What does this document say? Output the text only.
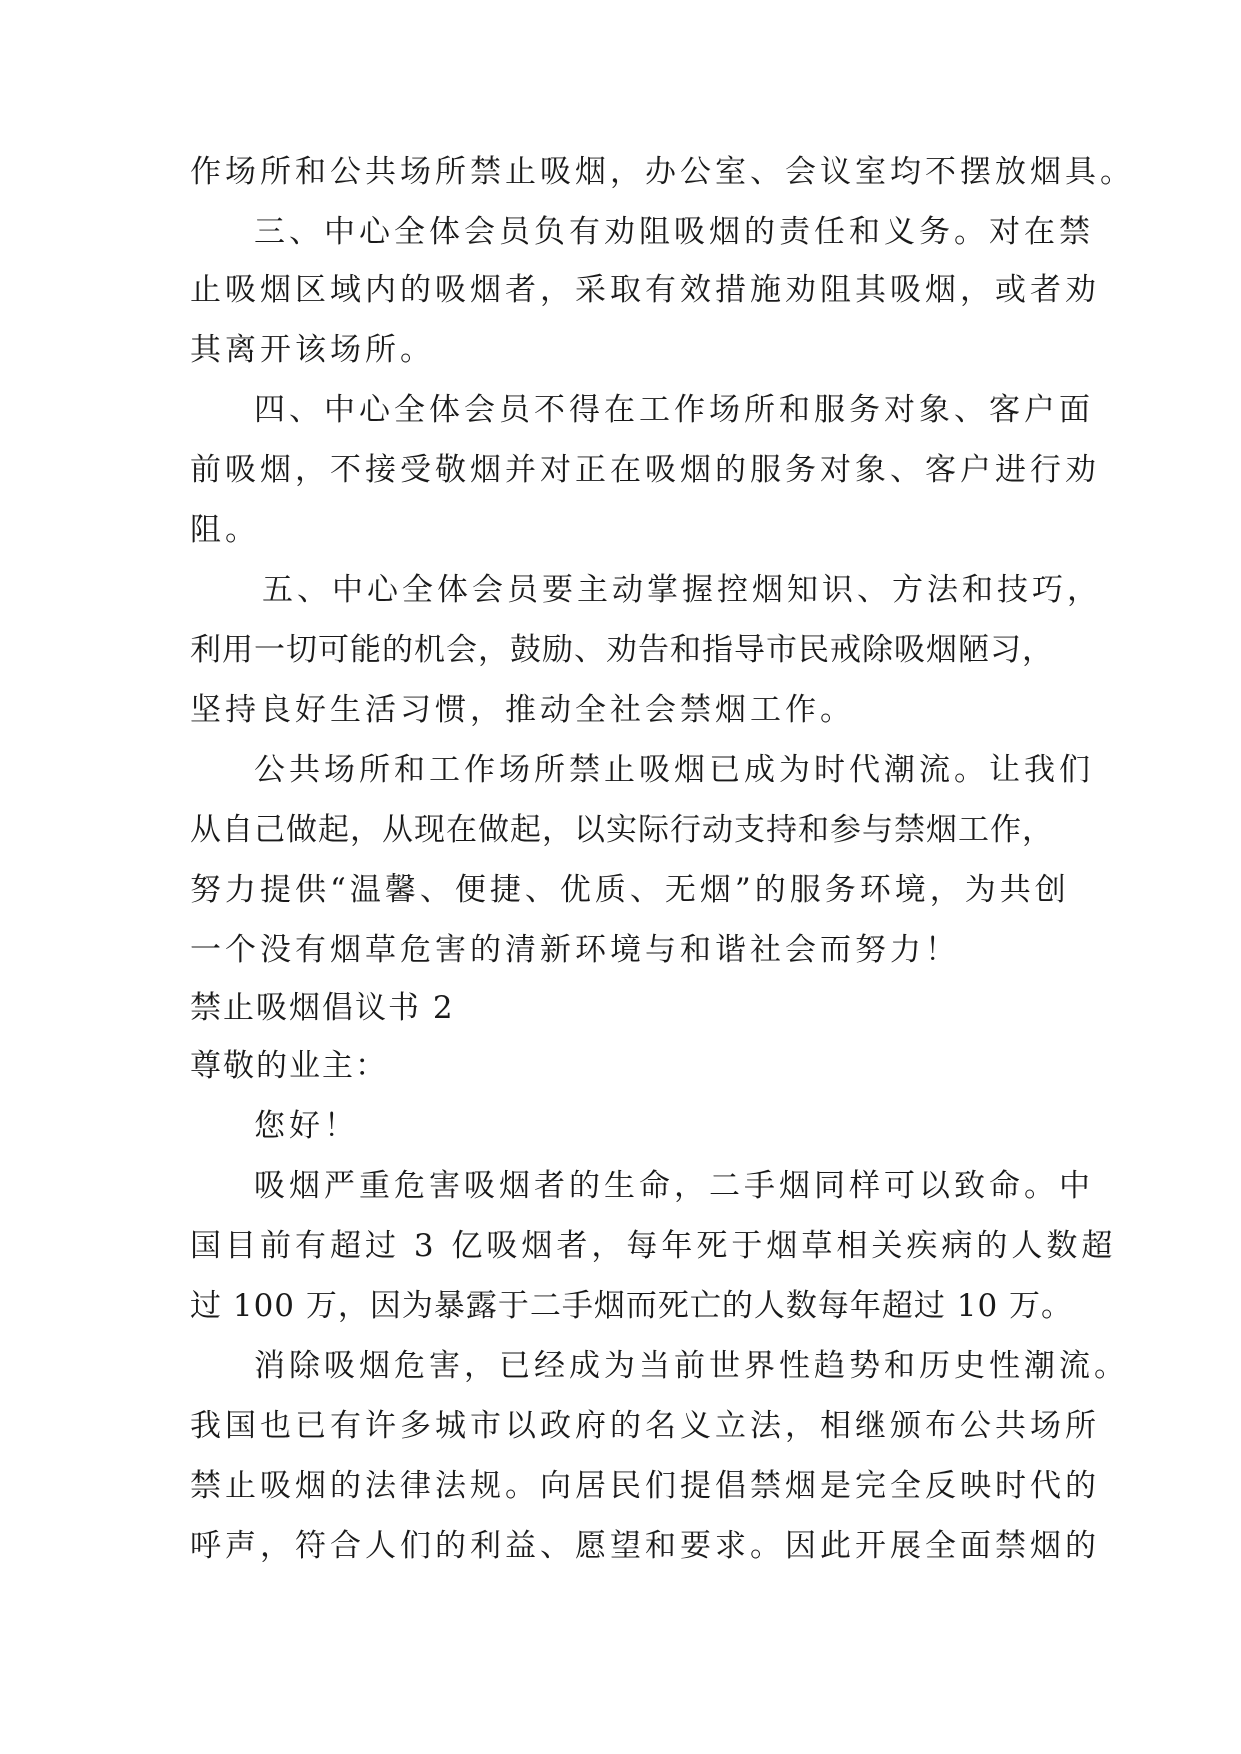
作场所和公共场所禁止吸烟，办公室、会议室均不摆放烟具。
三、中心全体会员负有劝阻吸烟的责任和义务。对在禁
止吸烟区域内的吸烟者，采取有效措施劝阻其吸烟，或者劝
其离开该场所。
四、中心全体会员不得在工作场所和服务对象、客户面
前吸烟，不接受敬烟并对正在吸烟的服务对象、客户进行劝
阻。
五、中心全体会员要主动掌握控烟知识、方法和技巧，
利用一切可能的机会，鼓励、劝告和指导市民戒除吸烟陋习，
坚持良好生活习惯，推动全社会禁烟工作。
公共场所和工作场所禁止吸烟已成为时代潮流。让我们
从自己做起，从现在做起，以实际行动支持和参与禁烟工作，
努力提供“温馨、便捷、优质、无烟”的服务环境，为共创
一个没有烟草危害的清新环境与和谐社会而努力！
禁止吸烟倡议书 2
尊敬的业主：
您好！
吸烟严重危害吸烟者的生命，二手烟同样可以致命。中
国目前有超过 3 亿吸烟者，每年死于烟草相关疾病的人数超
过 100 万，因为暴露于二手烟而死亡的人数每年超过 10 万。
消除吸烟危害，已经成为当前世界性趋势和历史性潮流。
我国也已有许多城市以政府的名义立法，相继颁布公共场所
禁止吸烟的法律法规。向居民们提倡禁烟是完全反映时代的
呼声，符合人们的利益、愿望和要求。因此开展全面禁烟的
